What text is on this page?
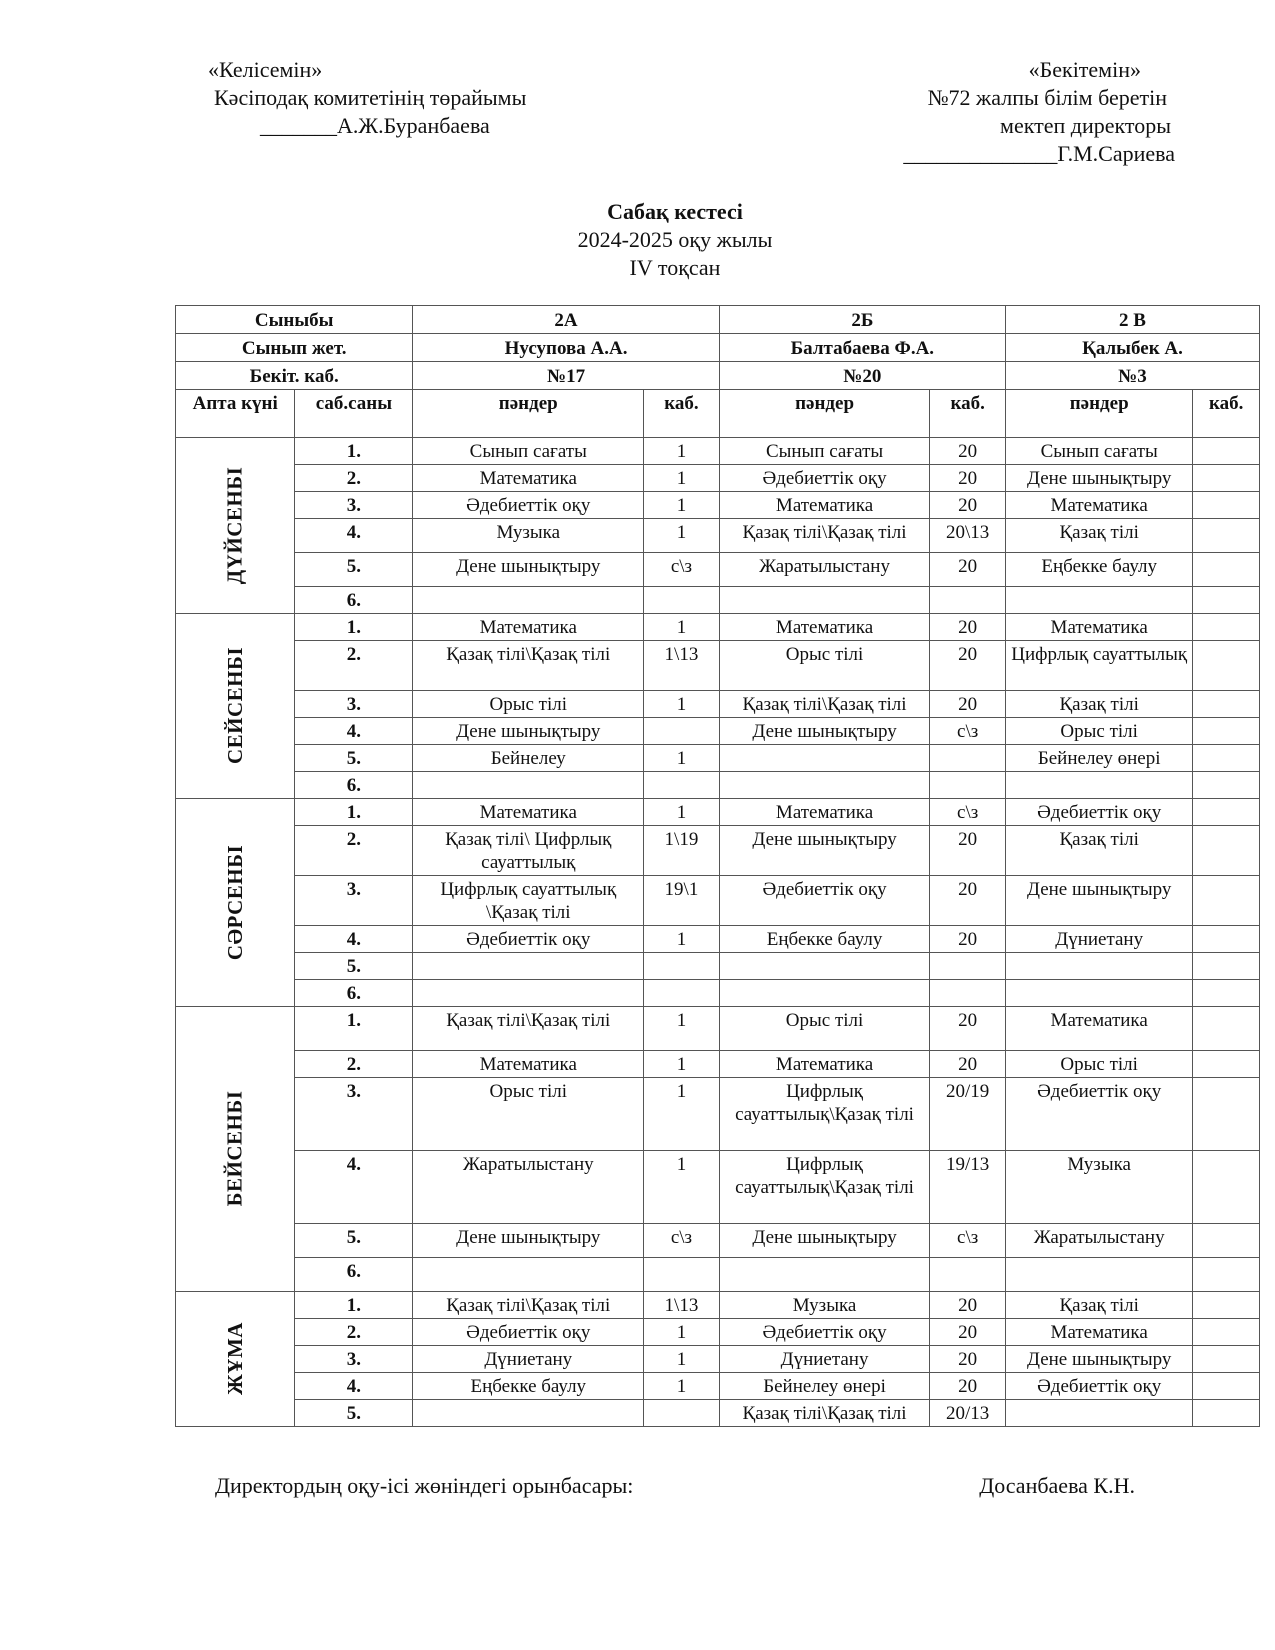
«Келісемін»
Кәсіподақ комитетінің төрайымы
_______А.Ж.Буранбаева
«Бекітемін»
№72 жалпы білім беретін
мектеп директоры
______________Г.М.Сариева
Сабақ кестесі
2024-2025 оқу жылы
IV тоқсан
Сыныбы		2А		2Б		2 В	
Сынып жет.		Нусупова А.А.		Балтабаева Ф.А.		Қалыбек А.	
Бекіт. каб.		№17		№20		№3	
Апта күні	саб.саны	пәндер	каб.	пәндер	каб.	пәндер	каб.
ДҮЙСЕНБІ	1.	Сынып сағаты	1	Сынып сағаты	20	Сынып сағаты	
	2.	Математика	1	Әдебиеттік оқу	20	Дене шынықтыру	
	3.	Әдебиеттік оқу	1	Математика	20	Математика	
	4.	Музыка	1	Қазақ тілі\Қазақ тілі	20\13	Қазақ тілі	
	5.	Дене шынықтыру	с\з	Жаратылыстану	20	Еңбекке баулу	
	6.						
СЕЙСЕНБІ	1.	Математика	1	Математика	20	Математика	
	2.	Қазақ тілі\Қазақ тілі	1\13	Орыс тілі	20	Цифрлық сауаттылық	
	3.	Орыс тілі	1	Қазақ тілі\Қазақ тілі	20	Қазақ тілі	
	4.	Дене шынықтыру		Дене шынықтыру	с\з	Орыс тілі	
	5.	Бейнелеу	1			Бейнелеу өнері	
	6.						
СӘРСЕНБІ	1.	Математика	1	Математика	с\з	Әдебиеттік оқу	
	2.	Қазақ тілі\ Цифрлық сауаттылық	1\19	Дене шынықтыру	20	Қазақ тілі	
	3.	Цифрлық сауаттылық \Қазақ тілі	19\1	Әдебиеттік оқу	20	Дене шынықтыру	
	4.	Әдебиеттік оқу	1	Еңбекке баулу	20	Дүниетану	
	5.						
	6.						
БЕЙСЕНБІ	1.	Қазақ тілі\Қазақ тілі	1	Орыс тілі	20	Математика	
	2.	Математика	1	Математика	20	Орыс тілі	
	3.	Орыс тілі	1	Цифрлық сауаттылық\Қазақ тілі	20/19	Әдебиеттік оқу	
	4.	Жаратылыстану	1	Цифрлық сауаттылық\Қазақ тілі	19/13	Музыка	
	5.	Дене шынықтыру	с\з	Дене шынықтыру	с\з	Жаратылыстану	
	6.						
ЖҰМА	1.	Қазақ тілі\Қазақ тілі	1\13	Музыка	20	Қазақ тілі	
	2.	Әдебиеттік оқу	1	Әдебиеттік оқу	20	Математика	
	3.	Дүниетану	1	Дүниетану	20	Дене шынықтыру	
	4.	Еңбекке баулу	1	Бейнелеу өнері	20	Әдебиеттік оқу	
	5.			Қазақ тілі\Қазақ тілі	20/13		
Директордың оқу-ісі жөніндегі орынбасары:	Досанбаева К.Н.
